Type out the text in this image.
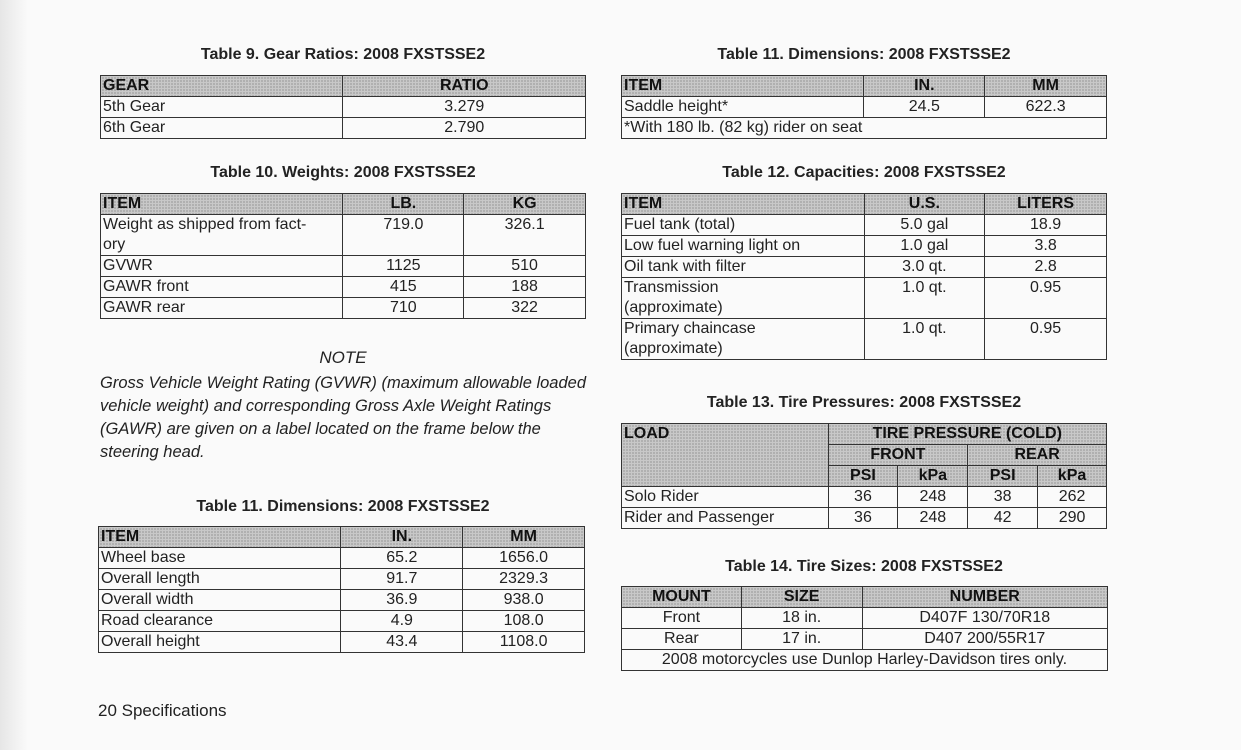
Table 9. Gear Ratios: 2008 FXSTSSE2
GEAR	RATIO
5th Gear	3.279
6th Gear	2.790
Table 10. Weights: 2008 FXSTSSE2
ITEM	LB.	KG
Weight as shipped from fact-
ory	719.0	326.1
GVWR	1125	510
GAWR front	415	188
GAWR rear	710	322
NOTE
Gross Vehicle Weight Rating (GVWR) (maximum allowable loaded vehicle weight) and corresponding Gross Axle Weight Ratings (GAWR) are given on a label located on the frame below the steering head.
Table 11. Dimensions: 2008 FXSTSSE2
ITEM	IN.	MM
Wheel base	65.2	1656.0
Overall length	91.7	2329.3
Overall width	36.9	938.0
Road clearance	4.9	108.0
Overall height	43.4	1108.0
Table 11. Dimensions: 2008 FXSTSSE2
ITEM	IN.	MM
Saddle height*	24.5	622.3
*With 180 lb. (82 kg) rider on seat		
Table 12. Capacities: 2008 FXSTSSE2
ITEM	U.S.	LITERS
Fuel tank (total)	5.0 gal	18.9
Low fuel warning light on	1.0 gal	3.8
Oil tank with filter	3.0 qt.	2.8
Transmission
(approximate)	1.0 qt.	0.95
Primary chaincase
(approximate)	1.0 qt.	0.95
Table 13. Tire Pressures: 2008 FXSTSSE2
LOAD	TIRE PRESSURE (COLD)			
	FRONT		REAR	
	PSI	kPa	PSI	kPa
Solo Rider	36	248	38	262
Rider and Passenger	36	248	42	290
Table 14. Tire Sizes: 2008 FXSTSSE2
MOUNT	SIZE	NUMBER
Front	18 in.	D407F 130/70R18
Rear	17 in.	D407 200/55R17
2008 motorcycles use Dunlop Harley-Davidson tires only.		
20 Specifications
